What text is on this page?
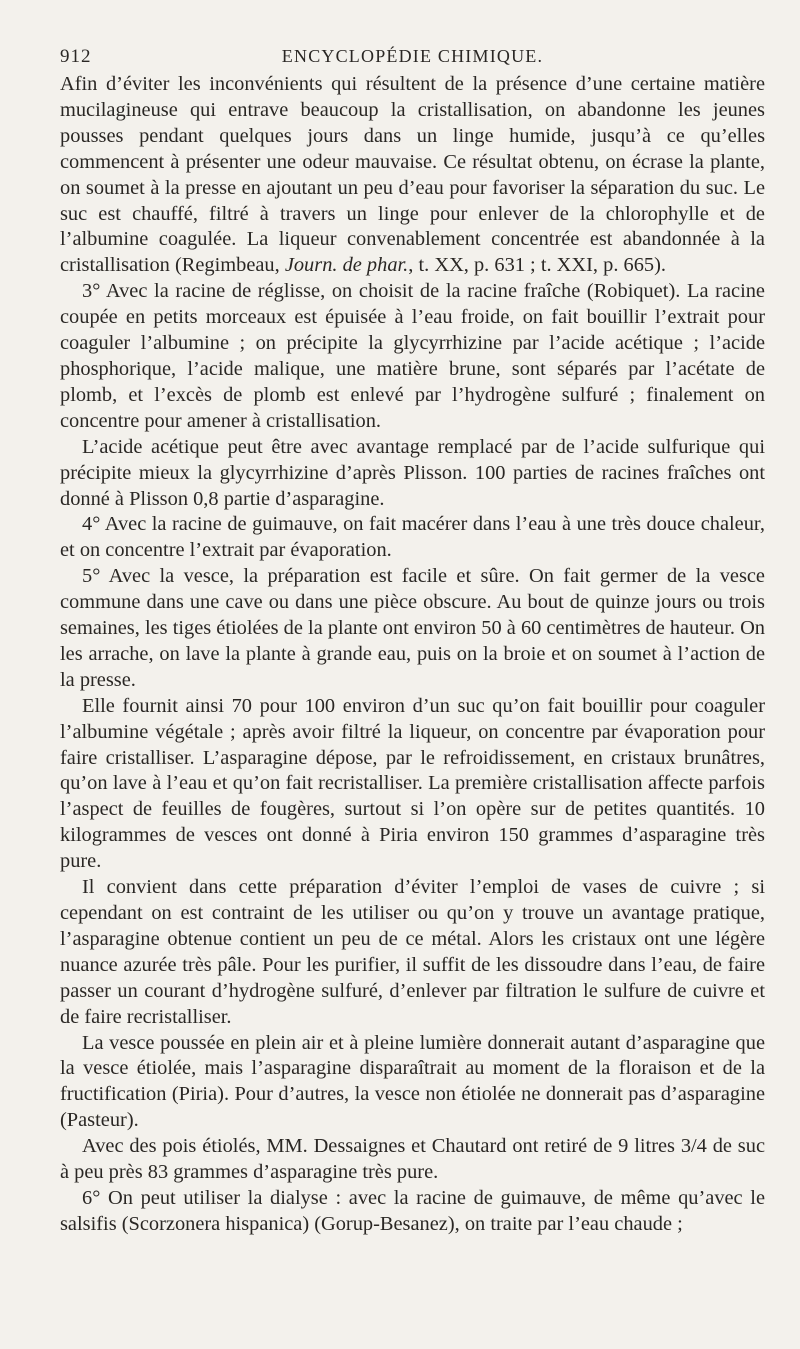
912	ENCYCLOPÉDIE CHIMIQUE.

Afin d’éviter les inconvénients qui résultent de la présence d’une certaine matière mucilagineuse qui entrave beaucoup la cristallisation, on abandonne les jeunes pousses pendant quelques jours dans un linge humide, jusqu’à ce qu’elles commencent à présenter une odeur mauvaise. Ce résultat obtenu, on écrase la plante, on soumet à la presse en ajoutant un peu d’eau pour favoriser la séparation du suc. Le suc est chauffé, filtré à travers un linge pour enlever de la chlorophylle et de l’albumine coagulée. La liqueur convenablement concentrée est abandonnée à la cristallisation (Regimbeau, Journ. de phar., t. XX, p. 631 ; t. XXI, p. 665).

3° Avec la racine de réglisse, on choisit de la racine fraîche (Robiquet). La racine coupée en petits morceaux est épuisée à l’eau froide, on fait bouillir l’extrait pour coaguler l’albumine ; on précipite la glycyrrhizine par l’acide acétique ; l’acide phosphorique, l’acide malique, une matière brune, sont séparés par l’acétate de plomb, et l’excès de plomb est enlevé par l’hydrogène sulfuré ; finalement on concentre pour amener à cristallisation.

L’acide acétique peut être avec avantage remplacé par de l’acide sulfurique qui précipite mieux la glycyrrhizine d’après Plisson. 100 parties de racines fraîches ont donné à Plisson 0,8 partie d’asparagine.

4° Avec la racine de guimauve, on fait macérer dans l’eau à une très douce chaleur, et on concentre l’extrait par évaporation.

5° Avec la vesce, la préparation est facile et sûre. On fait germer de la vesce commune dans une cave ou dans une pièce obscure. Au bout de quinze jours ou trois semaines, les tiges étiolées de la plante ont environ 50 à 60 centimètres de hauteur. On les arrache, on lave la plante à grande eau, puis on la broie et on soumet à l’action de la presse.

Elle fournit ainsi 70 pour 100 environ d’un suc qu’on fait bouillir pour coaguler l’albumine végétale ; après avoir filtré la liqueur, on concentre par évaporation pour faire cristalliser. L’asparagine dépose, par le refroidissement, en cristaux brunâtres, qu’on lave à l’eau et qu’on fait recristalliser. La première cristallisation affecte parfois l’aspect de feuilles de fougères, surtout si l’on opère sur de petites quantités. 10 kilogrammes de vesces ont donné à Piria environ 150 grammes d’asparagine très pure.

Il convient dans cette préparation d’éviter l’emploi de vases de cuivre ; si cependant on est contraint de les utiliser ou qu’on y trouve un avantage pratique, l’asparagine obtenue contient un peu de ce métal. Alors les cristaux ont une légère nuance azurée très pâle. Pour les purifier, il suffit de les dissoudre dans l’eau, de faire passer un courant d’hydrogène sulfuré, d’enlever par filtration le sulfure de cuivre et de faire recristalliser.

La vesce poussée en plein air et à pleine lumière donnerait autant d’asparagine que la vesce étiolée, mais l’asparagine disparaîtrait au moment de la floraison et de la fructification (Piria). Pour d’autres, la vesce non étiolée ne donnerait pas d’asparagine (Pasteur).

Avec des pois étiolés, MM. Dessaignes et Chautard ont retiré de 9 litres 3/4 de suc à peu près 83 grammes d’asparagine très pure.

6° On peut utiliser la dialyse : avec la racine de guimauve, de même qu’avec le salsifis (Scorzonera hispanica) (Gorup-Besanez), on traite par l’eau chaude ;
